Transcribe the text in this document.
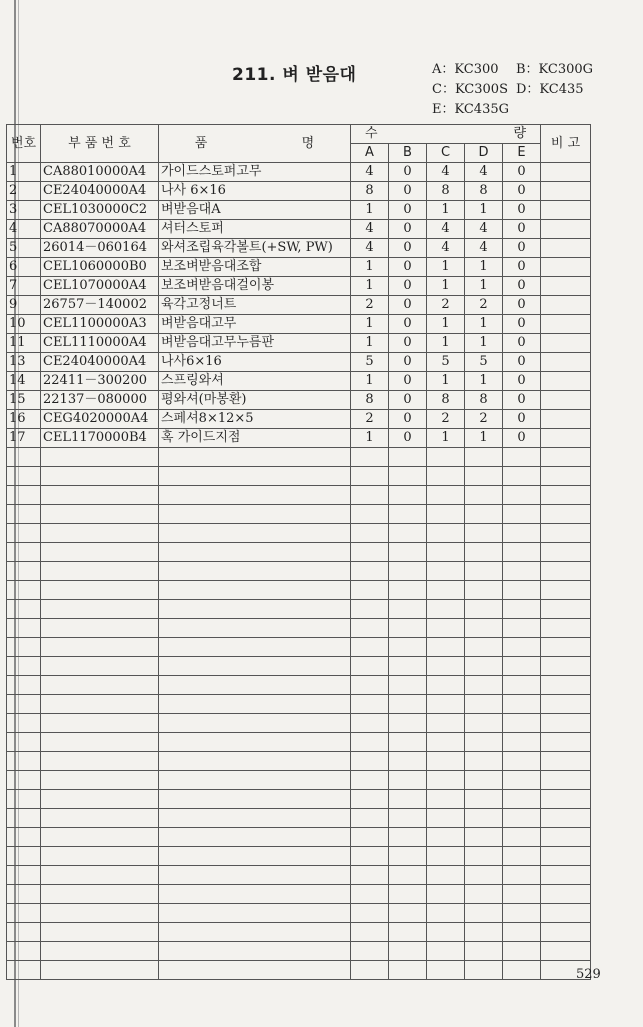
211. 벼 받음대	A：KC300 B：KC300G
C：KC300S D：KC435
E：KC435G
번호	부 품 번 호	품 명	수 량					비 고
			A	B	C	D	E	
1	CA88010000A4	가이드스토퍼고무	4	0	4	4	0	
2	CE24040000A4	나사 6×16	8	0	8	8	0	
3	CEL1030000C2	벼받음대A	1	0	1	1	0	
4	CA88070000A4	셔터스토퍼	4	0	4	4	0	
5	26014－060164	와셔조립육각볼트(+SW, PW)	4	0	4	4	0	
6	CEL1060000B0	보조벼받음대조합	1	0	1	1	0	
7	CEL1070000A4	보조벼받음대걸이봉	1	0	1	1	0	
9	26757－140002	육각고정너트	2	0	2	2	0	
10	CEL1100000A3	벼받음대고무	1	0	1	1	0	
11	CEL1110000A4	벼받음대고무누름판	1	0	1	1	0	
13	CE24040000A4	나사6×16	5	0	5	5	0	
14	22411－300200	스프링와셔	1	0	1	1	0	
15	22137－080000	평와셔(마봉환)	8	0	8	8	0	
16	CEG4020000A4	스페셔8×12×5	2	0	2	2	0	
17	CEL1170000B4	혹 가이드지점	1	0	1	1	0	

529
